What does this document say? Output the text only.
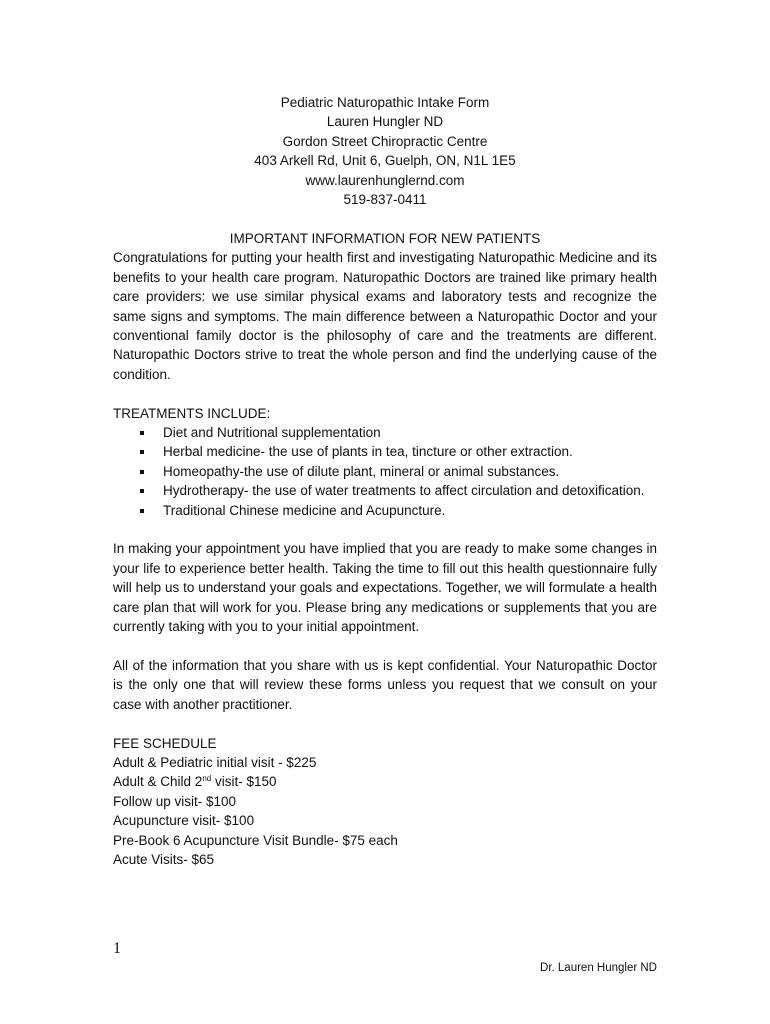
Pediatric Naturopathic Intake Form
Lauren Hungler ND
Gordon Street Chiropractic Centre
403 Arkell Rd, Unit 6, Guelph, ON, N1L 1E5
www.laurenhunglernd.com
519-837-0411
IMPORTANT INFORMATION FOR NEW PATIENTS

Congratulations for putting your health first and investigating Naturopathic Medicine and its benefits to your health care program. Naturopathic Doctors are trained like primary health care providers: we use similar physical exams and laboratory tests and recognize the same signs and symptoms. The main difference between a Naturopathic Doctor and your conventional family doctor is the philosophy of care and the treatments are different. Naturopathic Doctors strive to treat the whole person and find the underlying cause of the condition.

TREATMENTS INCLUDE:
Diet and Nutritional supplementation
Herbal medicine- the use of plants in tea, tincture or other extraction.
Homeopathy-the use of dilute plant, mineral or animal substances.
Hydrotherapy- the use of water treatments to affect circulation and detoxification.
Traditional Chinese medicine and Acupuncture.

In making your appointment you have implied that you are ready to make some changes in your life to experience better health. Taking the time to fill out this health questionnaire fully will help us to understand your goals and expectations. Together, we will formulate a health care plan that will work for you. Please bring any medications or supplements that you are currently taking with you to your initial appointment.

All of the information that you share with us is kept confidential. Your Naturopathic Doctor is the only one that will review these forms unless you request that we consult on your case with another practitioner.

FEE SCHEDULE
Adult & Pediatric initial visit - $225
Adult & Child 2nd visit- $150
Follow up visit- $100
Acupuncture visit- $100
Pre-Book 6 Acupuncture Visit Bundle- $75 each
Acute Visits- $65
1
Dr. Lauren Hungler ND
